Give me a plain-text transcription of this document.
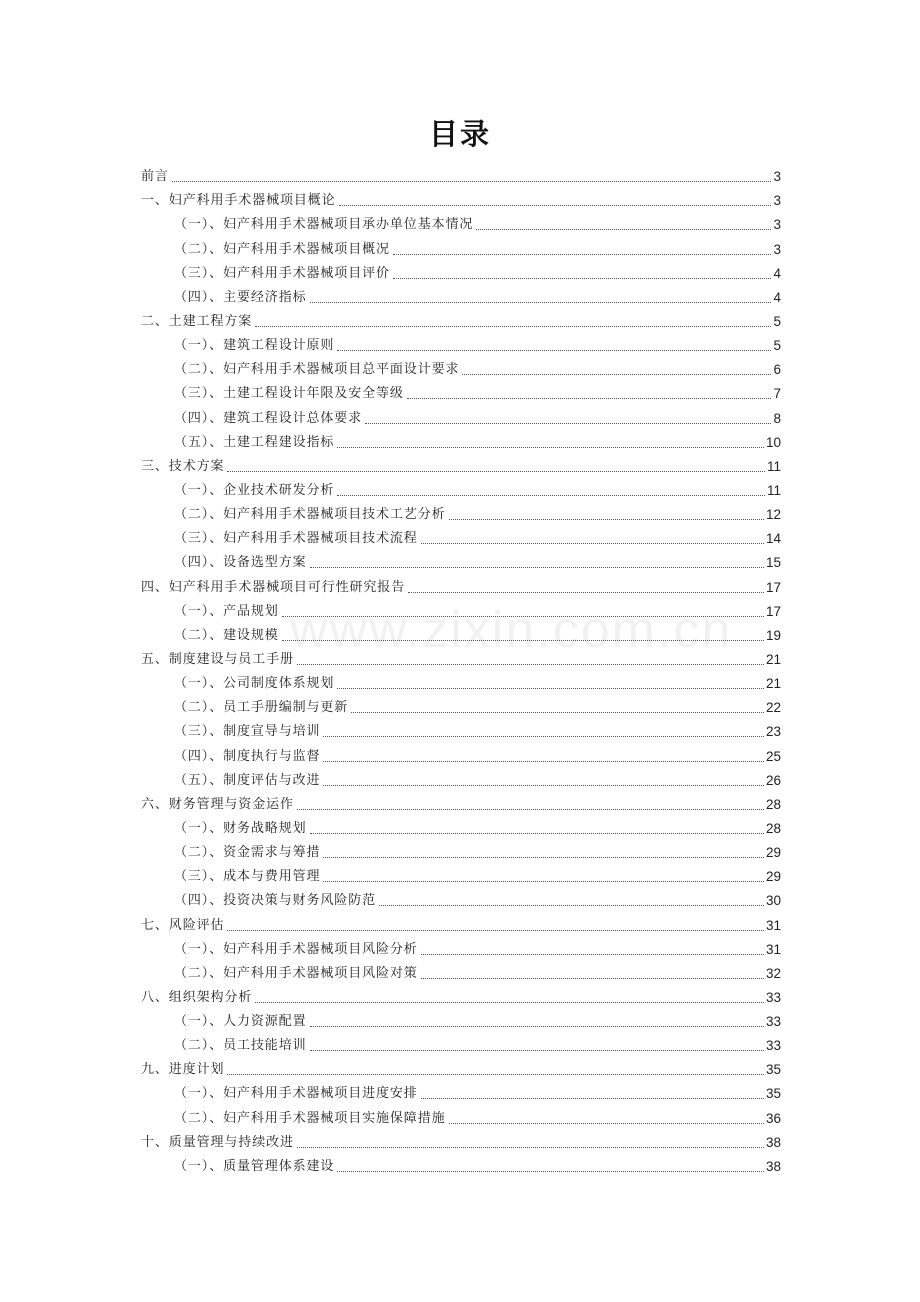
www.zixin.com.cn
目录
前言	3
一、妇产科用手术器械项目概论	3
（一）、妇产科用手术器械项目承办单位基本情况	3
（二）、妇产科用手术器械项目概况	3
（三）、妇产科用手术器械项目评价	4
（四）、主要经济指标	4
二、土建工程方案	5
（一）、建筑工程设计原则	5
（二）、妇产科用手术器械项目总平面设计要求	6
（三）、土建工程设计年限及安全等级	7
（四）、建筑工程设计总体要求	8
（五）、土建工程建设指标	10
三、技术方案	11
（一）、企业技术研发分析	11
（二）、妇产科用手术器械项目技术工艺分析	12
（三）、妇产科用手术器械项目技术流程	14
（四）、设备选型方案	15
四、妇产科用手术器械项目可行性研究报告	17
（一）、产品规划	17
（二）、建设规模	19
五、制度建设与员工手册	21
（一）、公司制度体系规划	21
（二）、员工手册编制与更新	22
（三）、制度宣导与培训	23
（四）、制度执行与监督	25
（五）、制度评估与改进	26
六、财务管理与资金运作	28
（一）、财务战略规划	28
（二）、资金需求与筹措	29
（三）、成本与费用管理	29
（四）、投资决策与财务风险防范	30
七、风险评估	31
（一）、妇产科用手术器械项目风险分析	31
（二）、妇产科用手术器械项目风险对策	32
八、组织架构分析	33
（一）、人力资源配置	33
（二）、员工技能培训	33
九、进度计划	35
（一）、妇产科用手术器械项目进度安排	35
（二）、妇产科用手术器械项目实施保障措施	36
十、质量管理与持续改进	38
（一）、质量管理体系建设	38
